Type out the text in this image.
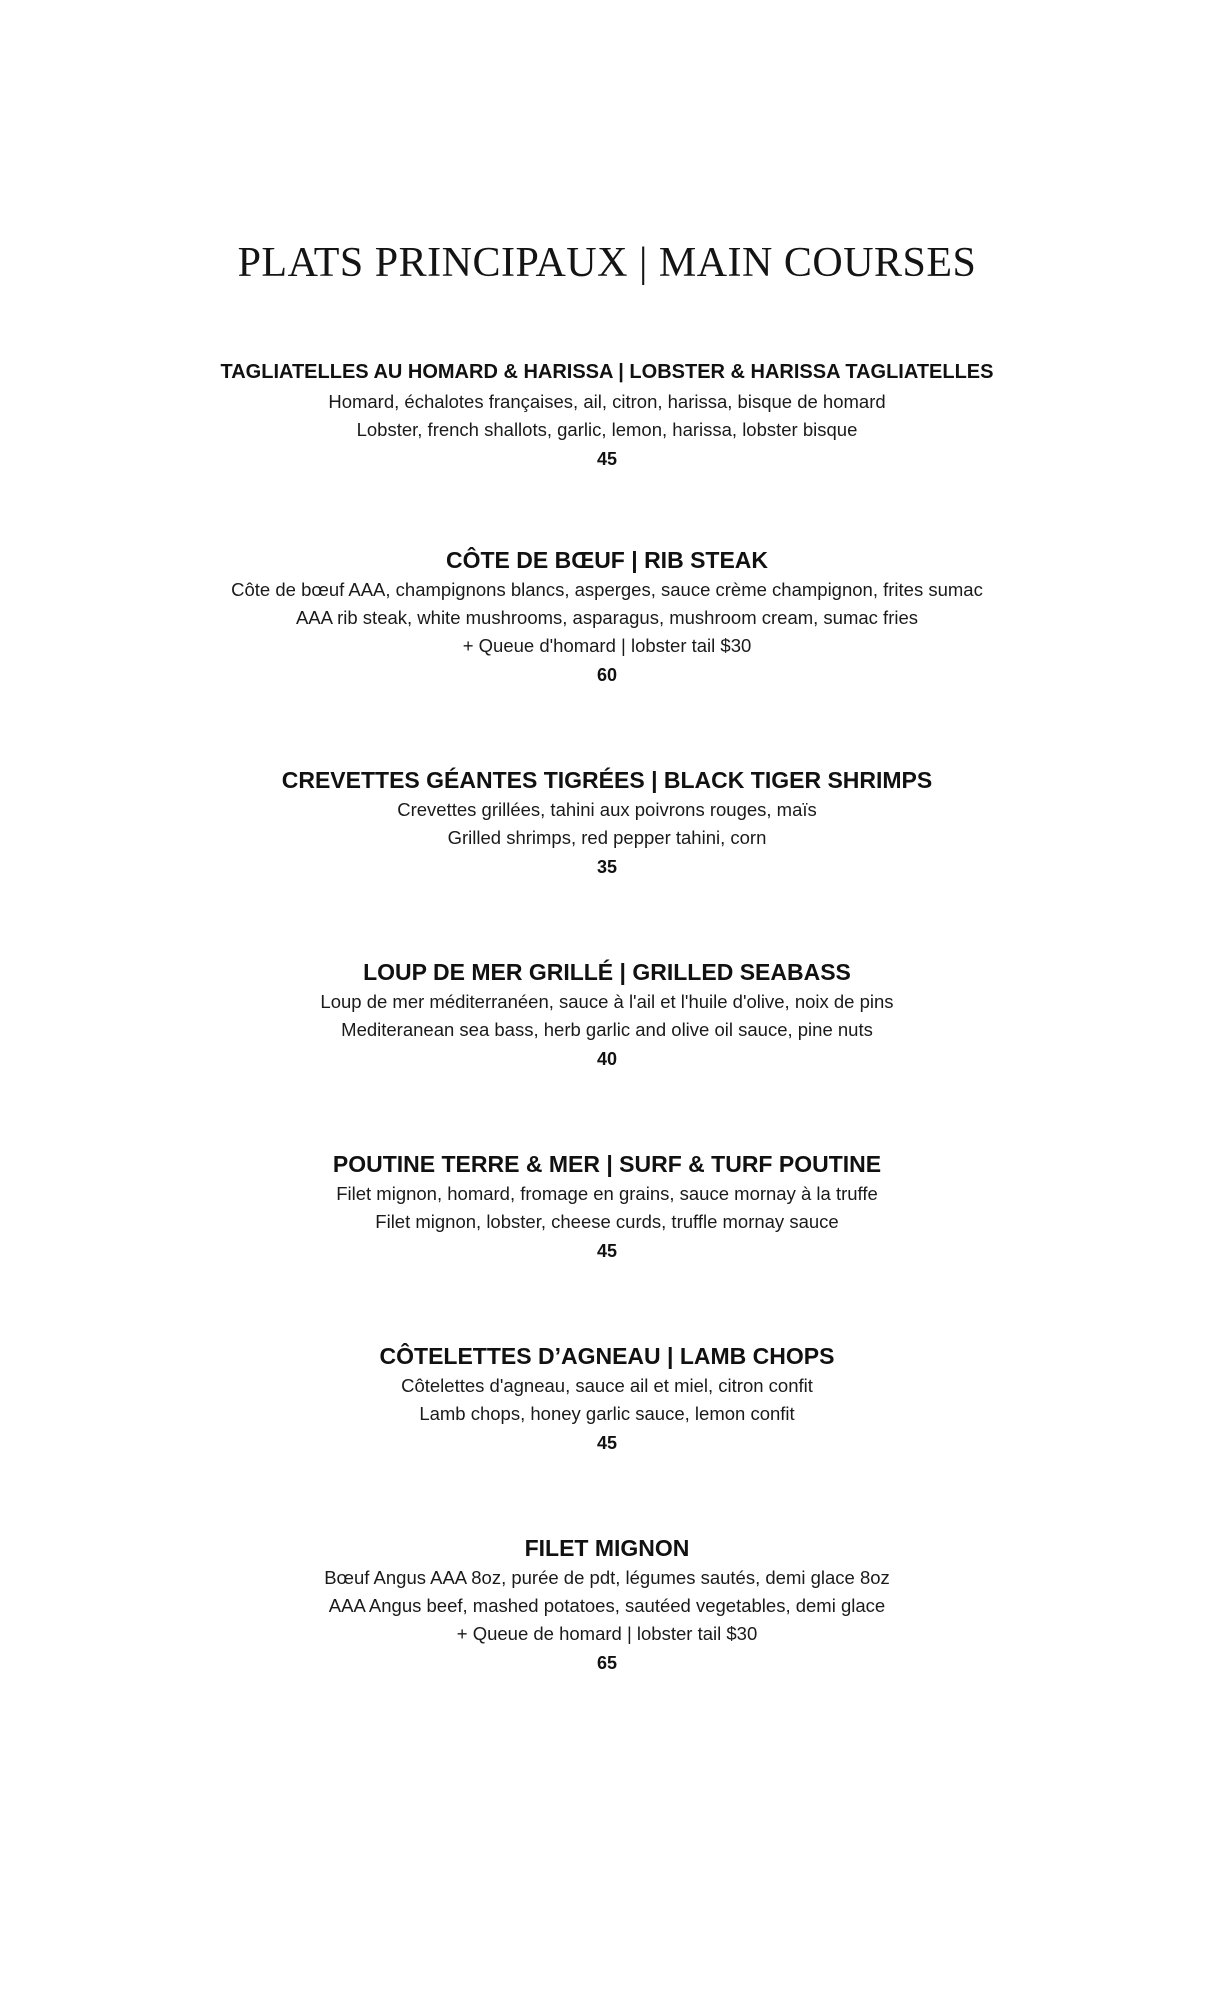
PLATS PRINCIPAUX | MAIN COURSES

TAGLIATELLES AU HOMARD & HARISSA | LOBSTER & HARISSA TAGLIATELLES

Homard, échalotes françaises, ail, citron, harissa, bisque de homard

Lobster, french shallots, garlic, lemon, harissa, lobster bisque

45

CÔTE DE BŒUF | RIB STEAK

Côte de bœuf AAA, champignons blancs, asperges, sauce crème champignon, frites sumac

AAA rib steak, white mushrooms, asparagus, mushroom cream, sumac fries

+ Queue d'homard | lobster tail $30

60

CREVETTES GÉANTES TIGRÉES | BLACK TIGER SHRIMPS

Crevettes grillées, tahini aux poivrons rouges, maïs

Grilled shrimps, red pepper tahini, corn

35

LOUP DE MER GRILLÉ | GRILLED SEABASS

Loup de mer méditerranéen, sauce à l'ail et l'huile d'olive, noix de pins

Mediteranean sea bass, herb garlic and olive oil sauce, pine nuts

40

POUTINE TERRE & MER | SURF & TURF POUTINE

Filet mignon, homard, fromage en grains, sauce mornay à la truffe

Filet mignon, lobster, cheese curds, truffle mornay sauce

45

CÔTELETTES D’AGNEAU | LAMB CHOPS

Côtelettes d'agneau, sauce ail et miel, citron confit

Lamb chops, honey garlic sauce, lemon confit

45

FILET MIGNON

Bœuf Angus AAA 8oz, purée de pdt, légumes sautés, demi glace 8oz

AAA Angus beef, mashed potatoes, sautéed vegetables, demi glace

+ Queue de homard | lobster tail $30

65
